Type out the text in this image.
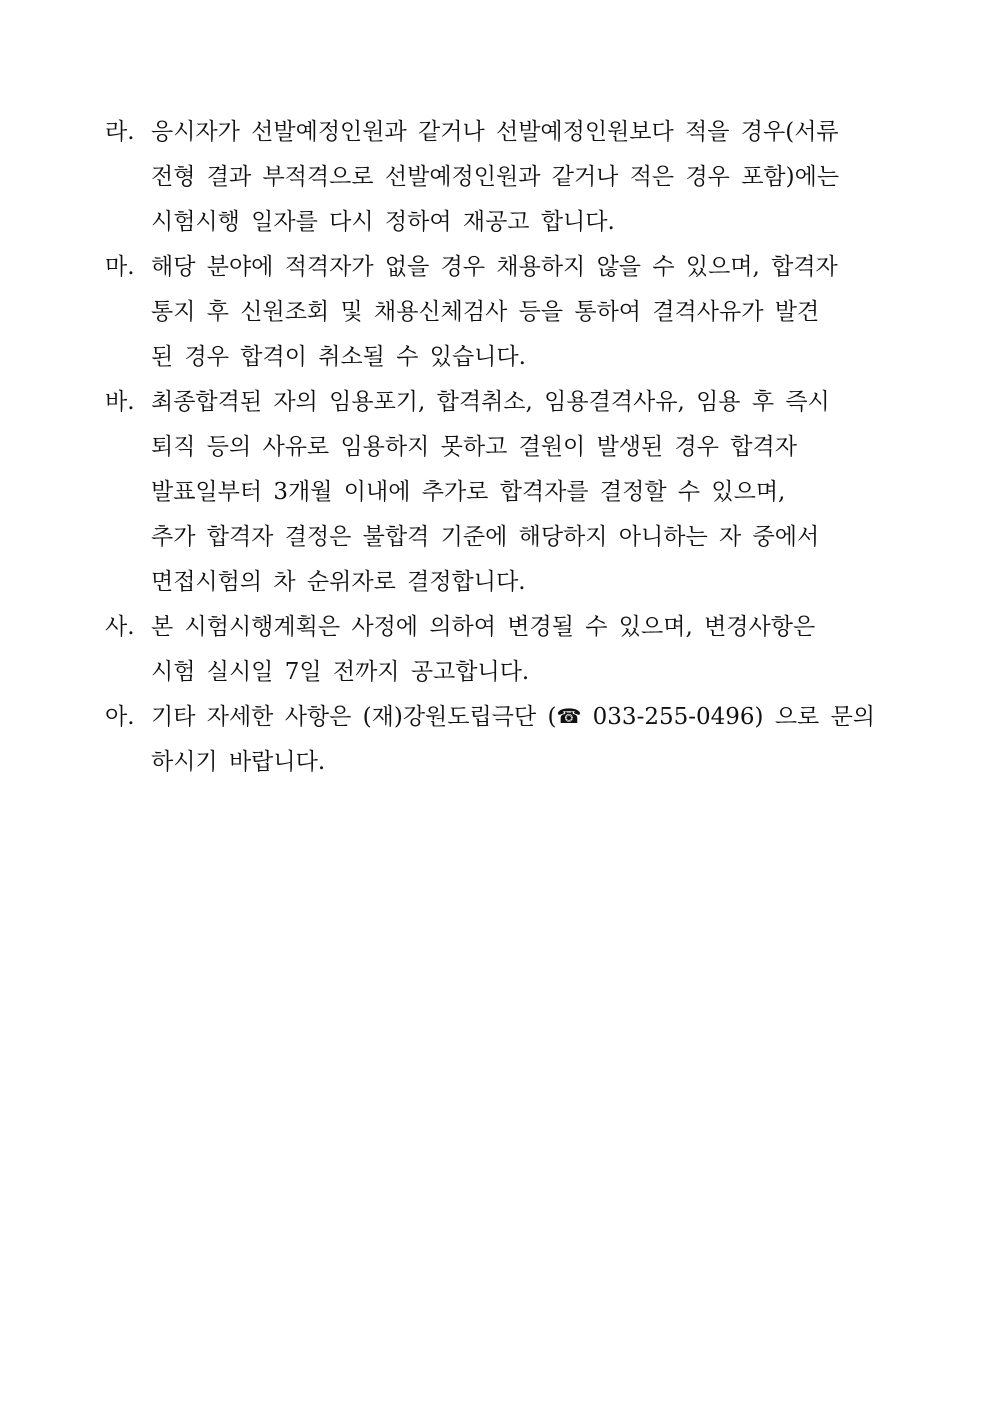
라. 응시자가 선발예정인원과 같거나 선발예정인원보다 적을 경우(서류
전형 결과 부적격으로 선발예정인원과 같거나 적은 경우 포함)에는
시험시행 일자를 다시 정하여 재공고 합니다.
마. 해당 분야에 적격자가 없을 경우 채용하지 않을 수 있으며, 합격자
통지 후 신원조회 및 채용신체검사 등을 통하여 결격사유가 발견
된 경우 합격이 취소될 수 있습니다.
바. 최종합격된 자의 임용포기, 합격취소, 임용결격사유, 임용 후 즉시
퇴직 등의 사유로 임용하지 못하고 결원이 발생된 경우 합격자
발표일부터 3개월 이내에 추가로 합격자를 결정할 수 있으며,
추가 합격자 결정은 불합격 기준에 해당하지 아니하는 자 중에서
면접시험의 차 순위자로 결정합니다.
사. 본 시험시행계획은 사정에 의하여 변경될 수 있으며, 변경사항은
시험 실시일 7일 전까지 공고합니다.
아. 기타 자세한 사항은 (재)강원도립극단 (☎ 033-255-0496) 으로 문의
하시기 바랍니다.
